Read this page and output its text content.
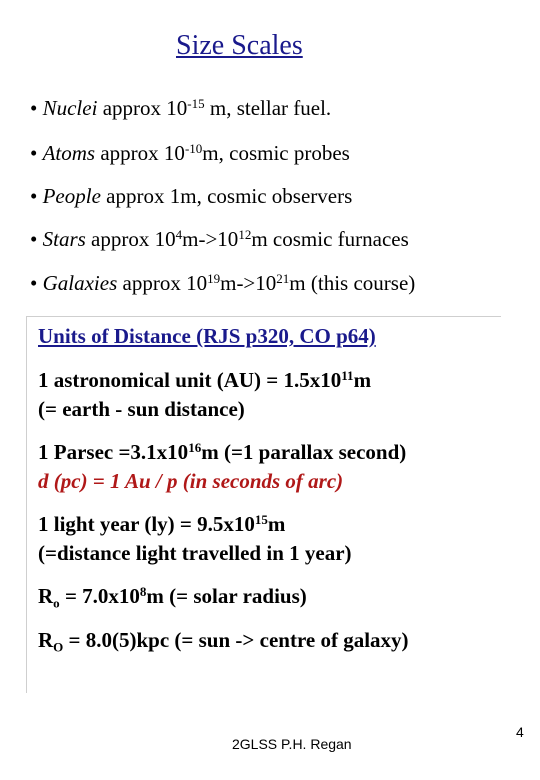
Size Scales
• Nuclei approx $10^{-15}$ m, stellar fuel.
• Atoms approx $10^{-10}m$, cosmic probes
• People approx 1m, cosmic observers
• Stars approx $10^4m->10^{12}m$ cosmic furnaces
• Galaxies approx $10^{19}m->10^{21}m$ (this course)
Units of Distance (RJS p320, CO p64)
1 astronomical unit $(AU) = 1.5x10^{11}m$
(= earth - sun distance)
1 $Parsec =3.1x10^{16}m$ (=1 parallax second)
d (pc) = 1 Au / p (in seconds of arc)
1 light year $(ly) = 9.5x10^{15}m$
(=distance light travelled in 1 year)
$R_o = 7.0x10^8m$ (= solar radius)
$R_O = 8.0(5)kpc$ (= sun -> centre of galaxy)
2GLSS P.H. Regan
4
